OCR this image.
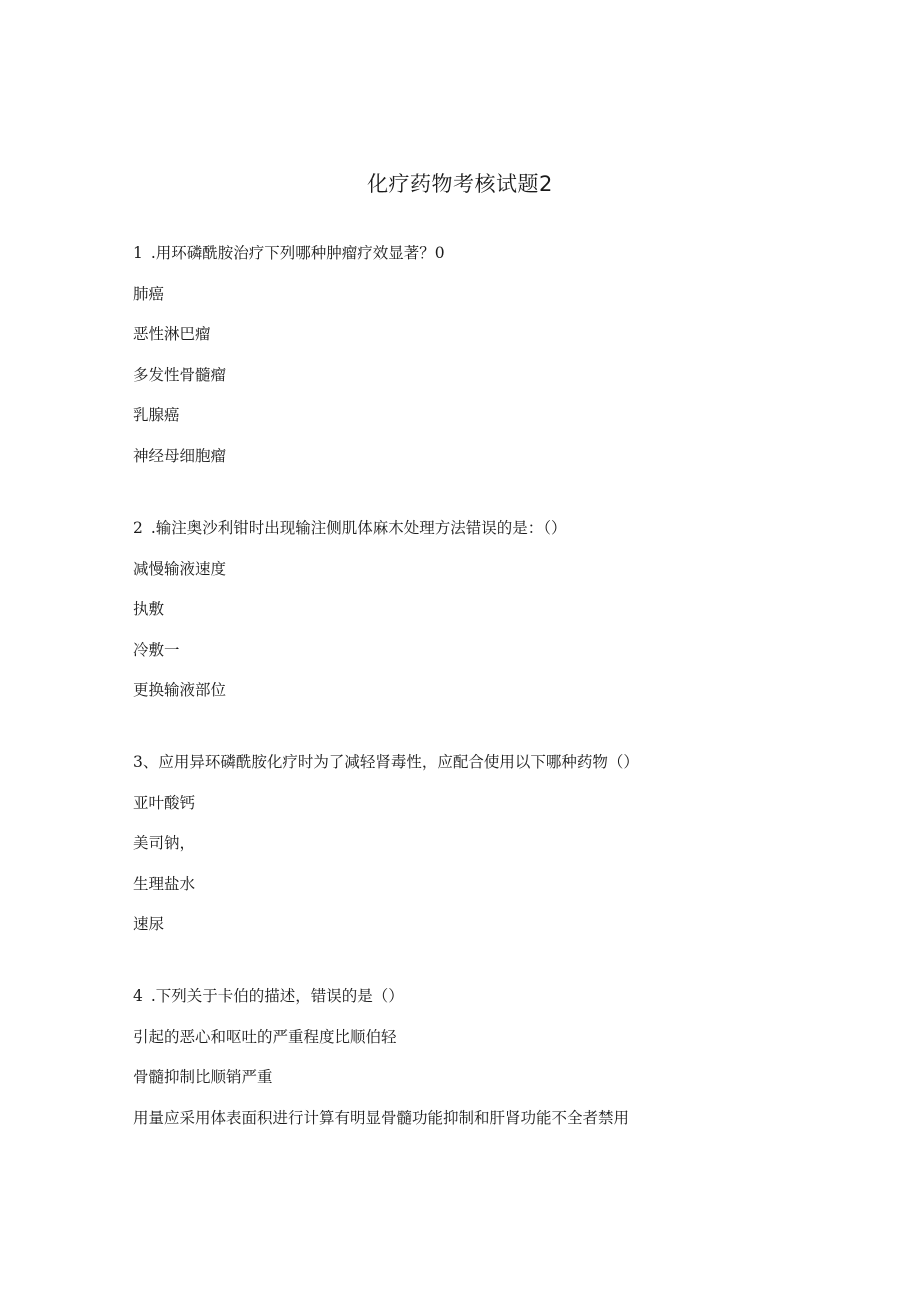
化疗药物考核试题2

1 .用环磷酰胺治疗下列哪种肿瘤疗效显著？0

肺癌

恶性淋巴瘤

多发性骨髓瘤

乳腺癌

神经母细胞瘤

2 .输注奥沙利钳时出现输注侧肌体麻木处理方法错误的是：（）

减慢输液速度

执敷

冷敷一

更换输液部位

3、应用异环磷酰胺化疗时为了减轻肾毒性，应配合使用以下哪种药物（）

亚叶酸钙

美司钠，

生理盐水

速尿

4 .下列关于卡伯的描述，错误的是（）

引起的恶心和呕吐的严重程度比顺伯轻

骨髓抑制比顺销严重

用量应采用体表面积进行计算有明显骨髓功能抑制和肝肾功能不全者禁用
